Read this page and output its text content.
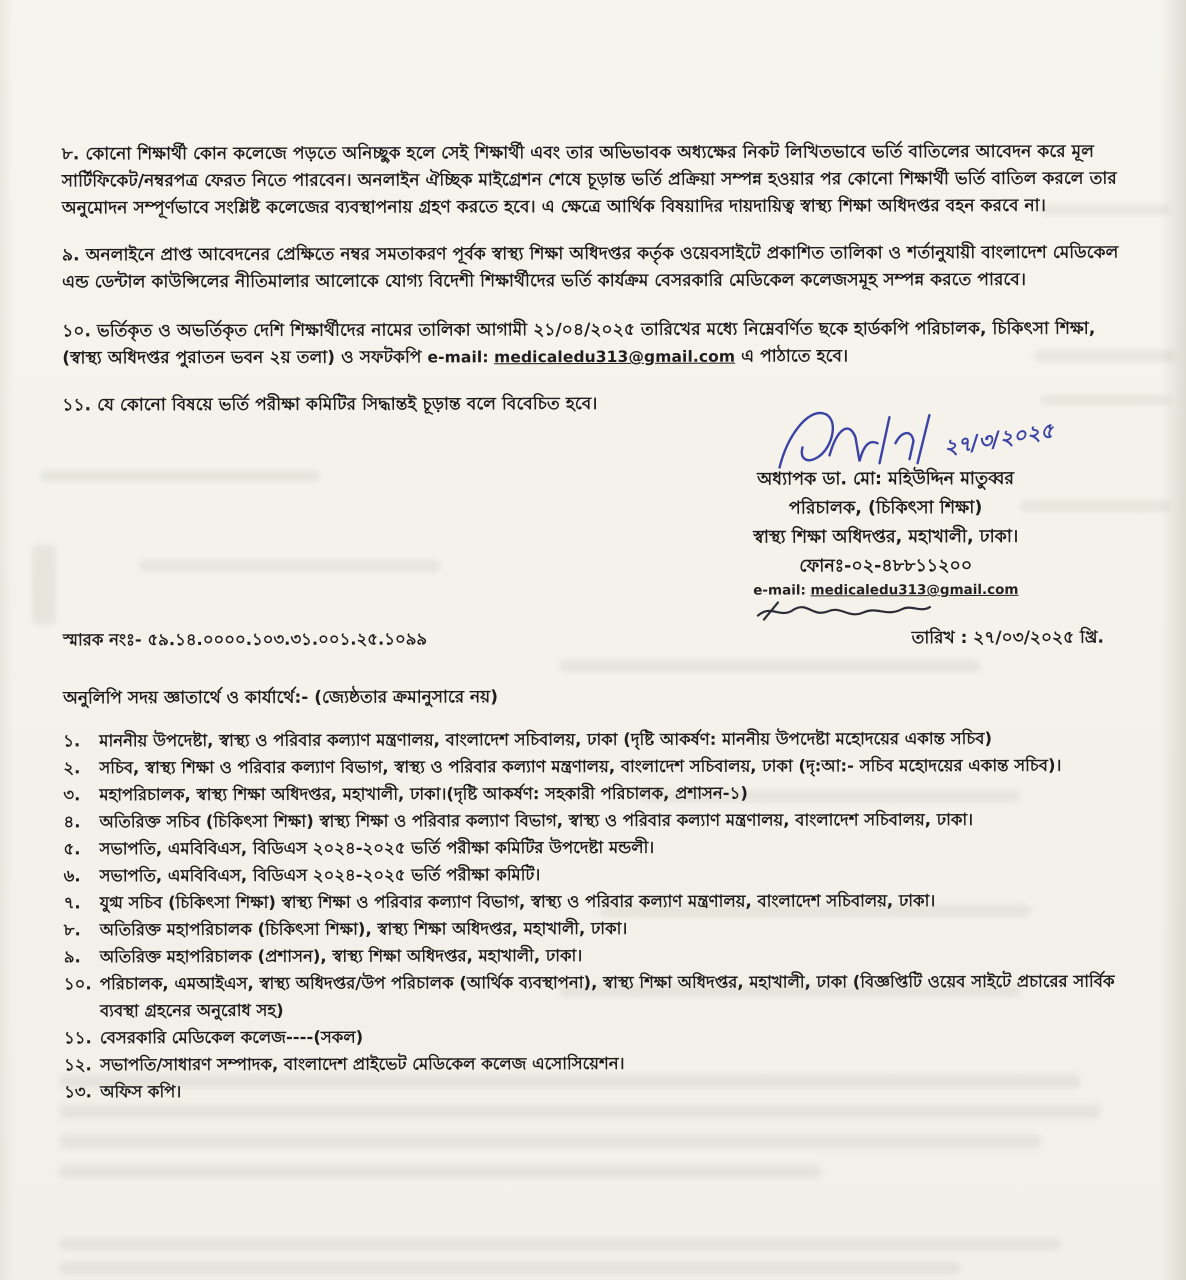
৮. কোনো শিক্ষার্থী কোন কলেজে পড়তে অনিচ্ছুক হলে সেই শিক্ষার্থী এবং তার অভিভাবক অধ্যক্ষের নিকট লিখিতভাবে ভর্তি বাতিলের আবেদন করে মূল সার্টিফিকেট/নম্বরপত্র ফেরত নিতে পারবেন। অনলাইন ঐচ্ছিক মাইগ্রেশন শেষে চূড়ান্ত ভর্তি প্রক্রিয়া সম্পন্ন হওয়ার পর কোনো শিক্ষার্থী ভর্তি বাতিল করলে তার অনুমোদন সম্পূর্ণভাবে সংশ্লিষ্ট কলেজের ব্যবস্থাপনায় গ্রহণ করতে হবে। এ ক্ষেত্রে আর্থিক বিষয়াদির দায়দায়িত্ব স্বাস্থ্য শিক্ষা অধিদপ্তর বহন করবে না।

৯. অনলাইনে প্রাপ্ত আবেদনের প্রেক্ষিতে নম্বর সমতাকরণ পূর্বক স্বাস্থ্য শিক্ষা অধিদপ্তর কর্তৃক ওয়েবসাইটে প্রকাশিত তালিকা ও শর্তানুযায়ী বাংলাদেশ মেডিকেল এন্ড ডেন্টাল কাউন্সিলের নীতিমালার আলোকে যোগ্য বিদেশী শিক্ষার্থীদের ভর্তি কার্যক্রম বেসরকারি মেডিকেল কলেজসমূহ সম্পন্ন করতে পারবে।

১০. ভর্তিকৃত ও অভর্তিকৃত দেশি শিক্ষার্থীদের নামের তালিকা আগামী ২১/০৪/২০২৫ তারিখের মধ্যে নিম্নেবর্ণিত ছকে হার্ডকপি পরিচালক, চিকিৎসা শিক্ষা, (স্বাস্থ্য অধিদপ্তর পুরাতন ভবন ২য় তলা) ও সফটকপি e-mail: medicaledu313@gmail.com এ পাঠাতে হবে।

১১. যে কোনো বিষয়ে ভর্তি পরীক্ষা কমিটির সিদ্ধান্তই চূড়ান্ত বলে বিবেচিত হবে।

২৭/৩/২০২৫
অধ্যাপক ডা. মো: মহিউদ্দিন মাতুব্বর
পরিচালক, (চিকিৎসা শিক্ষা)
স্বাস্থ্য শিক্ষা অধিদপ্তর, মহাখালী, ঢাকা।
ফোনঃ-০২-৪৮৮১১২০০
e-mail: medicaledu313@gmail.com
স্মারক নংঃ- ৫৯.১৪.০০০০.১০৩.৩১.০০১.২৫.১০৯৯	তারিখ : ২৭/০৩/২০২৫ খ্রি.
অনুলিপি সদয় জ্ঞাতার্থে ও কার্যার্থে:- (জ্যেষ্ঠতার ক্রমানুসারে নয়)
১.	মাননীয় উপদেষ্টা, স্বাস্থ্য ও পরিবার কল্যাণ মন্ত্রণালয়, বাংলাদেশ সচিবালয়, ঢাকা (দৃষ্টি আকর্ষণ: মাননীয় উপদেষ্টা মহোদয়ের একান্ত সচিব)
২.	সচিব, স্বাস্থ্য শিক্ষা ও পরিবার কল্যাণ বিভাগ, স্বাস্থ্য ও পরিবার কল্যাণ মন্ত্রণালয়, বাংলাদেশ সচিবালয়, ঢাকা (দৃ:আ:- সচিব মহোদয়ের একান্ত সচিব)।
৩.	মহাপরিচালক, স্বাস্থ্য শিক্ষা অধিদপ্তর, মহাখালী, ঢাকা।(দৃষ্টি আকর্ষণ: সহকারী পরিচালক, প্রশাসন-১)
৪.	অতিরিক্ত সচিব (চিকিৎসা শিক্ষা) স্বাস্থ্য শিক্ষা ও পরিবার কল্যাণ বিভাগ, স্বাস্থ্য ও পরিবার কল্যাণ মন্ত্রণালয়, বাংলাদেশ সচিবালয়, ঢাকা।
৫.	সভাপতি, এমবিবিএস, বিডিএস ২০২৪-২০২৫ ভর্তি পরীক্ষা কমিটির উপদেষ্টা মন্ডলী।
৬.	সভাপতি, এমবিবিএস, বিডিএস ২০২৪-২০২৫ ভর্তি পরীক্ষা কমিটি।
৭.	যুগ্ম সচিব (চিকিৎসা শিক্ষা) স্বাস্থ্য শিক্ষা ও পরিবার কল্যাণ বিভাগ, স্বাস্থ্য ও পরিবার কল্যাণ মন্ত্রণালয়, বাংলাদেশ সচিবালয়, ঢাকা।
৮.	অতিরিক্ত মহাপরিচালক (চিকিৎসা শিক্ষা), স্বাস্থ্য শিক্ষা অধিদপ্তর, মহাখালী, ঢাকা।
৯.	অতিরিক্ত মহাপরিচালক (প্রশাসন), স্বাস্থ্য শিক্ষা অধিদপ্তর, মহাখালী, ঢাকা।
১০. পরিচালক, এমআইএস, স্বাস্থ্য অধিদপ্তর/উপ পরিচালক (আর্থিক ব্যবস্থাপনা), স্বাস্থ্য শিক্ষা অধিদপ্তর, মহাখালী, ঢাকা (বিজ্ঞপ্তিটি ওয়েব সাইটে প্রচারের সার্বিক ব্যবস্থা গ্রহনের অনুরোধ সহ)
১১. বেসরকারি মেডিকেল কলেজ----(সকল)
১২. সভাপতি/সাধারণ সম্পাদক, বাংলাদেশ প্রাইভেট মেডিকেল কলেজ এসোসিয়েশন।
১৩. অফিস কপি।
